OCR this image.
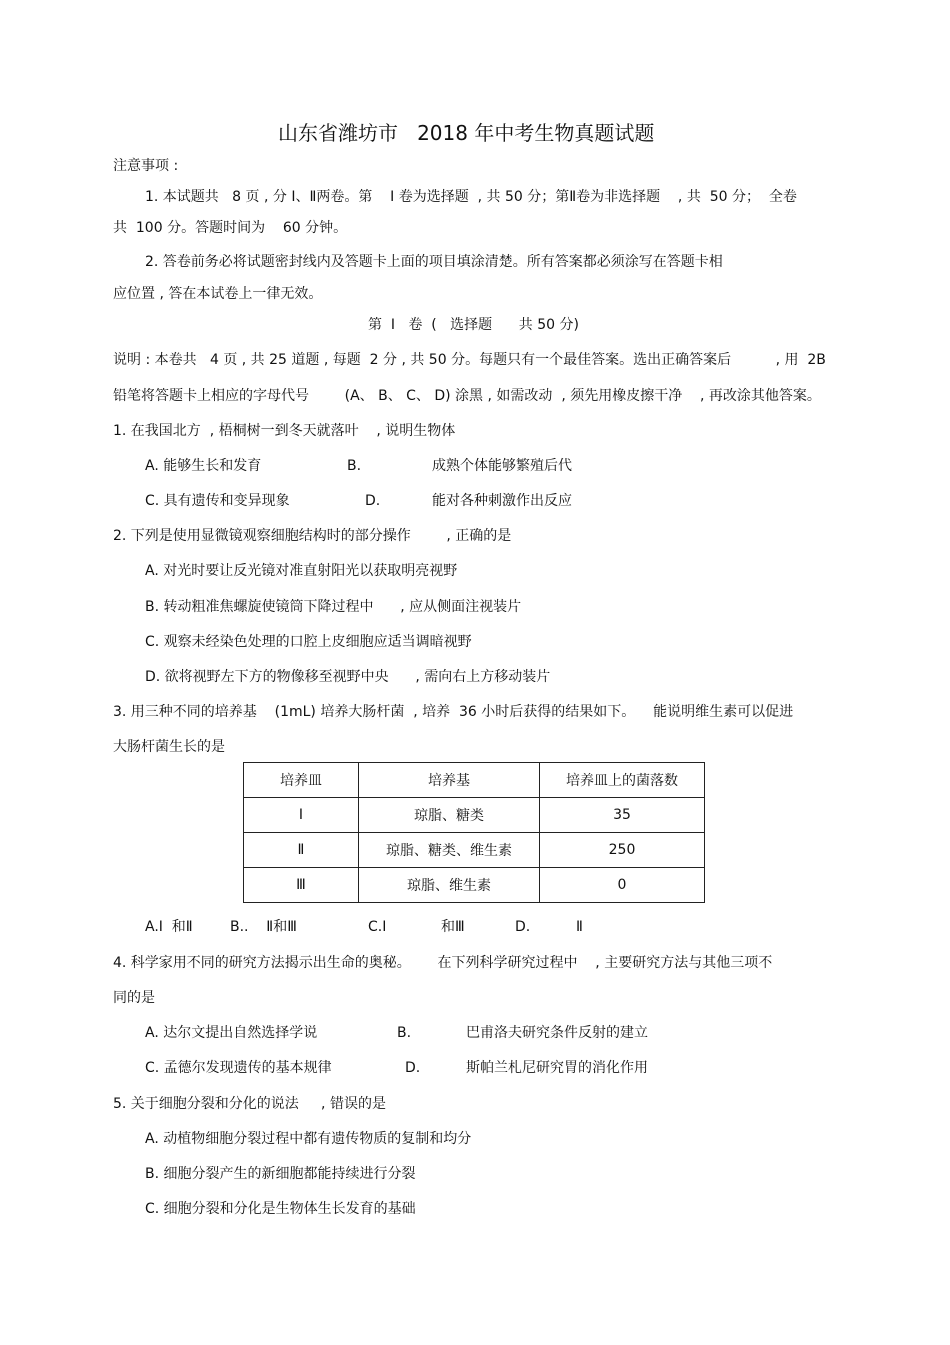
山东省潍坊市   2018 年中考生物真题试题
注意事项 :
1. 本试题共   8 页 , 分 Ⅰ、Ⅱ两卷。第    Ⅰ 卷为选择题  , 共 50 分；第Ⅱ卷为非选择题    , 共  50 分；  全卷
共  100 分。答题时间为    60 分钟。
2. 答卷前务必将试题密封线内及答题卡上面的项目填涂清楚。所有答案都必须涂写在答题卡相
应位置 , 答在本试卷上一律无效。
第  Ⅰ   卷  (   选择题      共 50 分)
说明 : 本卷共   4 页 , 共 25 道题 , 每题  2 分 , 共 50 分。每题只有一个最佳答案。选出正确答案后          , 用  2B
铅笔将答题卡上相应的字母代号        (A、 B、 C、 D) 涂黑 , 如需改动  , 须先用橡皮擦干净    , 再改涂其他答案。
1. 在我国北方  , 梧桐树一到冬天就落叶    , 说明生物体
A. 能够生长和发育	B.	成熟个体能够繁殖后代
C. 具有遗传和变异现象	D.	能对各种刺激作出反应
2. 下列是使用显微镜观察细胞结构时的部分操作        , 正确的是
A. 对光时要让反光镜对准直射阳光以获取明亮视野
B. 转动粗准焦螺旋使镜筒下降过程中      , 应从侧面注视装片
C. 观察未经染色处理的口腔上皮细胞应适当调暗视野
D. 欲将视野左下方的物像移至视野中央      , 需向右上方移动装片
3. 用三种不同的培养基    (1mL) 培养大肠杆菌  , 培养  36 小时后获得的结果如下。    能说明维生素可以促进
大肠杆菌生长的是
培养皿	培养基	培养皿上的菌落数
Ⅰ	琼脂、糖类	35
Ⅱ	琼脂、糖类、维生素	250
Ⅲ	琼脂、维生素	0
A.Ⅰ  和Ⅱ	B..    Ⅱ和Ⅲ	C.Ⅰ	和Ⅲ	D.	Ⅱ
4. 科学家用不同的研究方法揭示出生命的奥秘。      在下列科学研究过程中    , 主要研究方法与其他三项不
同的是
A. 达尔文提出自然选择学说	B.	巴甫洛夫研究条件反射的建立
C. 孟德尔发现遗传的基本规律	D.	斯帕兰札尼研究胃的消化作用
5. 关于细胞分裂和分化的说法     , 错误的是
A. 动植物细胞分裂过程中都有遗传物质的复制和均分
B. 细胞分裂产生的新细胞都能持续进行分裂
C. 细胞分裂和分化是生物体生长发育的基础
